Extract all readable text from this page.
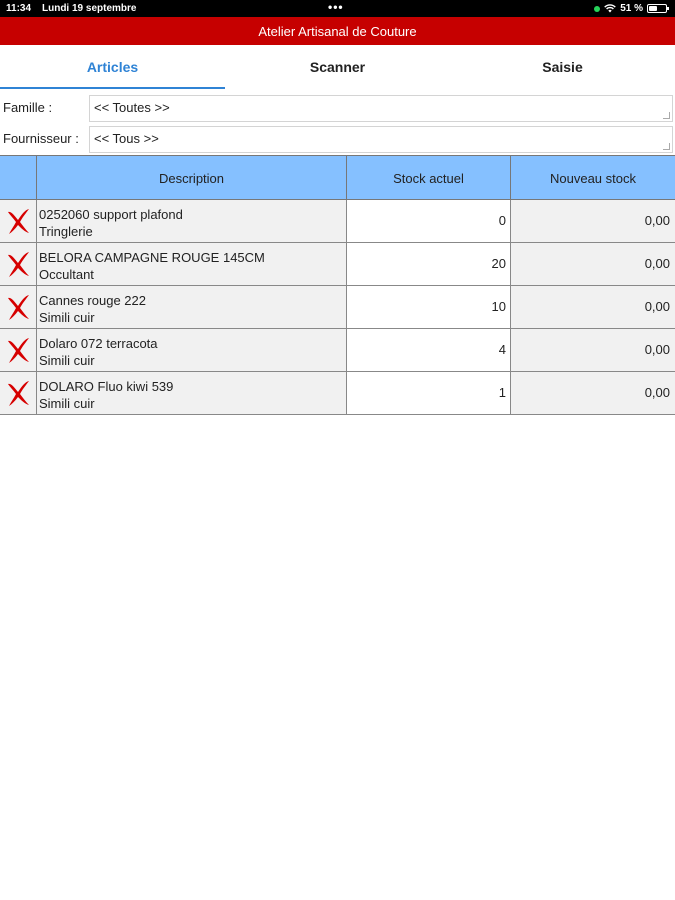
11:34 Lundi 19 septembre	•••	51 %
Atelier Artisanal de Couture
Articles	Scanner	Saisie
Famille :	<< Toutes >>
Fournisseur :	<< Tous >>
Description	Stock actuel	Nouveau stock
0252060 support plafond
Tringlerie
0	0,00
BELORA CAMPAGNE ROUGE 145CM
Occultant
20	0,00
Cannes rouge 222
Simili cuir
10	0,00
Dolaro 072 terracota
Simili cuir
4	0,00
DOLARO Fluo kiwi 539
Simili cuir
1	0,00
